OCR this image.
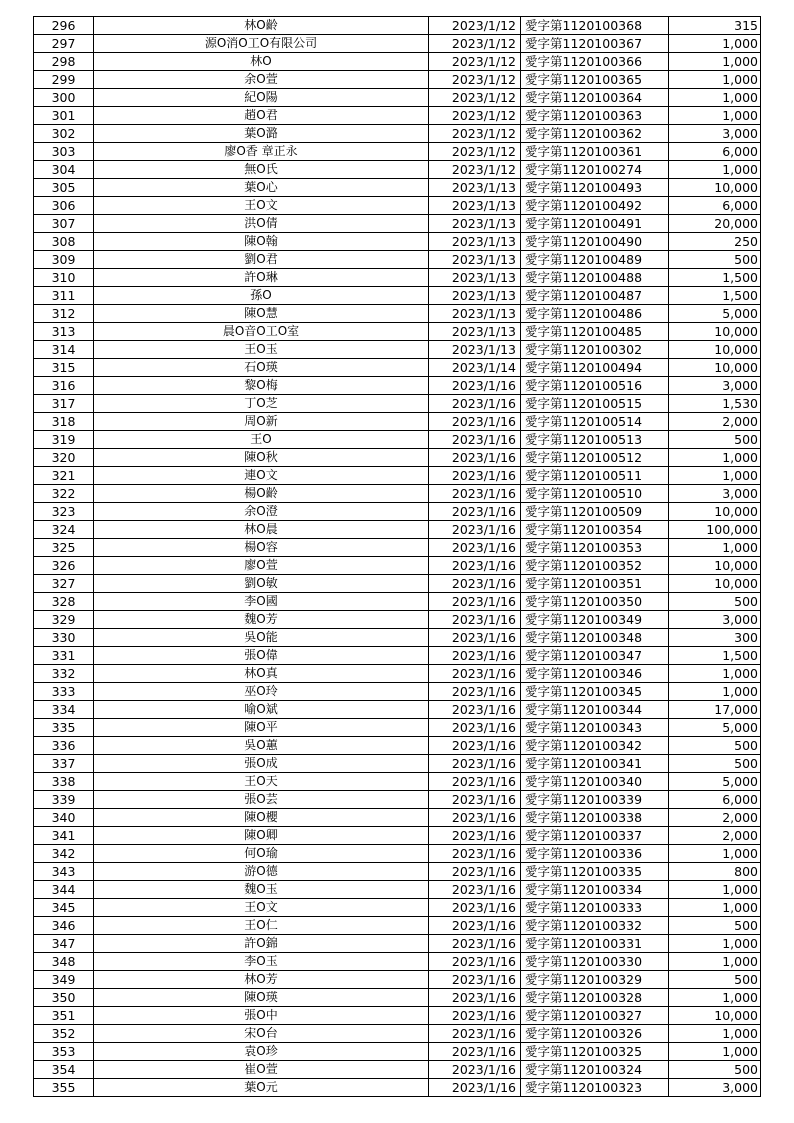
296	林O齡	2023/1/12	愛字第1120100368	315
297	源O消O工O有限公司	2023/1/12	愛字第1120100367	1,000
298	林O	2023/1/12	愛字第1120100366	1,000
299	余O萱	2023/1/12	愛字第1120100365	1,000
300	紀O陽	2023/1/12	愛字第1120100364	1,000
301	趙O君	2023/1/12	愛字第1120100363	1,000
302	葉O潞	2023/1/12	愛字第1120100362	3,000
303	廖O香 章正永	2023/1/12	愛字第1120100361	6,000
304	無O氏	2023/1/12	愛字第1120100274	1,000
305	葉O心	2023/1/13	愛字第1120100493	10,000
306	王O文	2023/1/13	愛字第1120100492	6,000
307	洪O倩	2023/1/13	愛字第1120100491	20,000
308	陳O翰	2023/1/13	愛字第1120100490	250
309	劉O君	2023/1/13	愛字第1120100489	500
310	許O琳	2023/1/13	愛字第1120100488	1,500
311	孫O	2023/1/13	愛字第1120100487	1,500
312	陳O慧	2023/1/13	愛字第1120100486	5,000
313	晨O音O工O室	2023/1/13	愛字第1120100485	10,000
314	王O玉	2023/1/13	愛字第1120100302	10,000
315	石O瑛	2023/1/14	愛字第1120100494	10,000
316	黎O梅	2023/1/16	愛字第1120100516	3,000
317	丁O芝	2023/1/16	愛字第1120100515	1,530
318	周O新	2023/1/16	愛字第1120100514	2,000
319	王O	2023/1/16	愛字第1120100513	500
320	陳O秋	2023/1/16	愛字第1120100512	1,000
321	連O文	2023/1/16	愛字第1120100511	1,000
322	楊O齡	2023/1/16	愛字第1120100510	3,000
323	余O澄	2023/1/16	愛字第1120100509	10,000
324	林O晨	2023/1/16	愛字第1120100354	100,000
325	楊O容	2023/1/16	愛字第1120100353	1,000
326	廖O萱	2023/1/16	愛字第1120100352	10,000
327	劉O敏	2023/1/16	愛字第1120100351	10,000
328	李O國	2023/1/16	愛字第1120100350	500
329	魏O芳	2023/1/16	愛字第1120100349	3,000
330	吳O能	2023/1/16	愛字第1120100348	300
331	張O偉	2023/1/16	愛字第1120100347	1,500
332	林O真	2023/1/16	愛字第1120100346	1,000
333	巫O玲	2023/1/16	愛字第1120100345	1,000
334	喻O斌	2023/1/16	愛字第1120100344	17,000
335	陳O平	2023/1/16	愛字第1120100343	5,000
336	吳O蕙	2023/1/16	愛字第1120100342	500
337	張O成	2023/1/16	愛字第1120100341	500
338	王O天	2023/1/16	愛字第1120100340	5,000
339	張O芸	2023/1/16	愛字第1120100339	6,000
340	陳O櫻	2023/1/16	愛字第1120100338	2,000
341	陳O卿	2023/1/16	愛字第1120100337	2,000
342	何O瑜	2023/1/16	愛字第1120100336	1,000
343	游O德	2023/1/16	愛字第1120100335	800
344	魏O玉	2023/1/16	愛字第1120100334	1,000
345	王O文	2023/1/16	愛字第1120100333	1,000
346	王O仁	2023/1/16	愛字第1120100332	500
347	許O錦	2023/1/16	愛字第1120100331	1,000
348	李O玉	2023/1/16	愛字第1120100330	1,000
349	林O芳	2023/1/16	愛字第1120100329	500
350	陳O瑛	2023/1/16	愛字第1120100328	1,000
351	張O中	2023/1/16	愛字第1120100327	10,000
352	宋O台	2023/1/16	愛字第1120100326	1,000
353	袁O珍	2023/1/16	愛字第1120100325	1,000
354	崔O萱	2023/1/16	愛字第1120100324	500
355	葉O元	2023/1/16	愛字第1120100323	3,000
